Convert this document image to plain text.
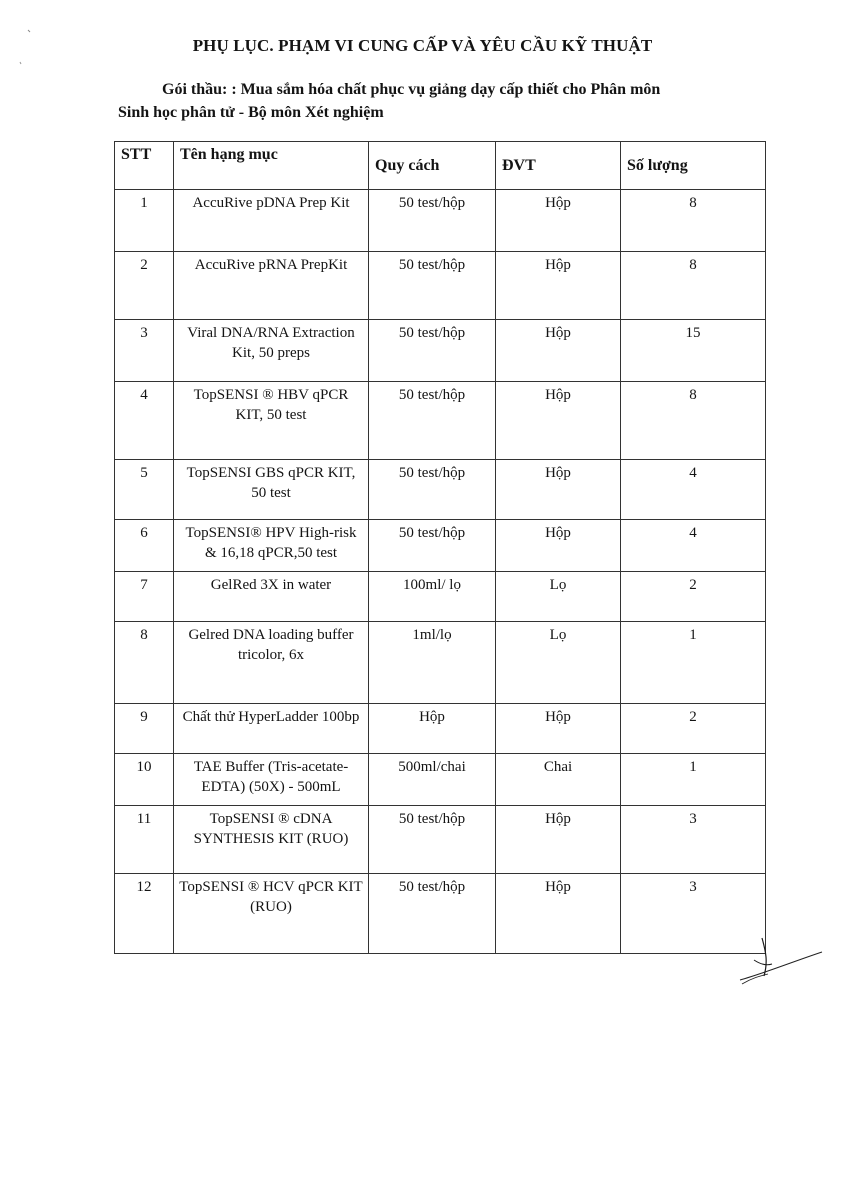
PHỤ LỤC. PHẠM VI CUNG CẤP VÀ YÊU CẦU KỸ THUẬT
Gói thầu: : Mua sắm hóa chất phục vụ giảng dạy cấp thiết cho Phân môn
Sinh học phân tử - Bộ môn Xét nghiệm
STT	Tên hạng mục	Quy cách	ĐVT	Số lượng
1	AccuRive pDNA Prep Kit	50 test/hộp	Hộp	8
2	AccuRive pRNA PrepKit	50 test/hộp	Hộp	8
3	Viral DNA/RNA Extraction Kit, 50 preps	50 test/hộp	Hộp	15
4	TopSENSI ® HBV qPCR KIT, 50 test	50 test/hộp	Hộp	8
5	TopSENSI GBS qPCR KIT, 50 test	50 test/hộp	Hộp	4
6	TopSENSI® HPV High-risk & 16,18 qPCR,50 test	50 test/hộp	Hộp	4
7	GelRed 3X in water	100ml/ lọ	Lọ	2
8	Gelred DNA loading buffer tricolor, 6x	1ml/lọ	Lọ	1
9	Chất thử HyperLadder 100bp	Hộp	Hộp	2
10	TAE Buffer (Tris-acetate-EDTA) (50X) - 500mL	500ml/chai	Chai	1
11	TopSENSI ® cDNA SYNTHESIS KIT (RUO)	50 test/hộp	Hộp	3
12	TopSENSI ® HCV qPCR KIT (RUO)	50 test/hộp	Hộp	3
